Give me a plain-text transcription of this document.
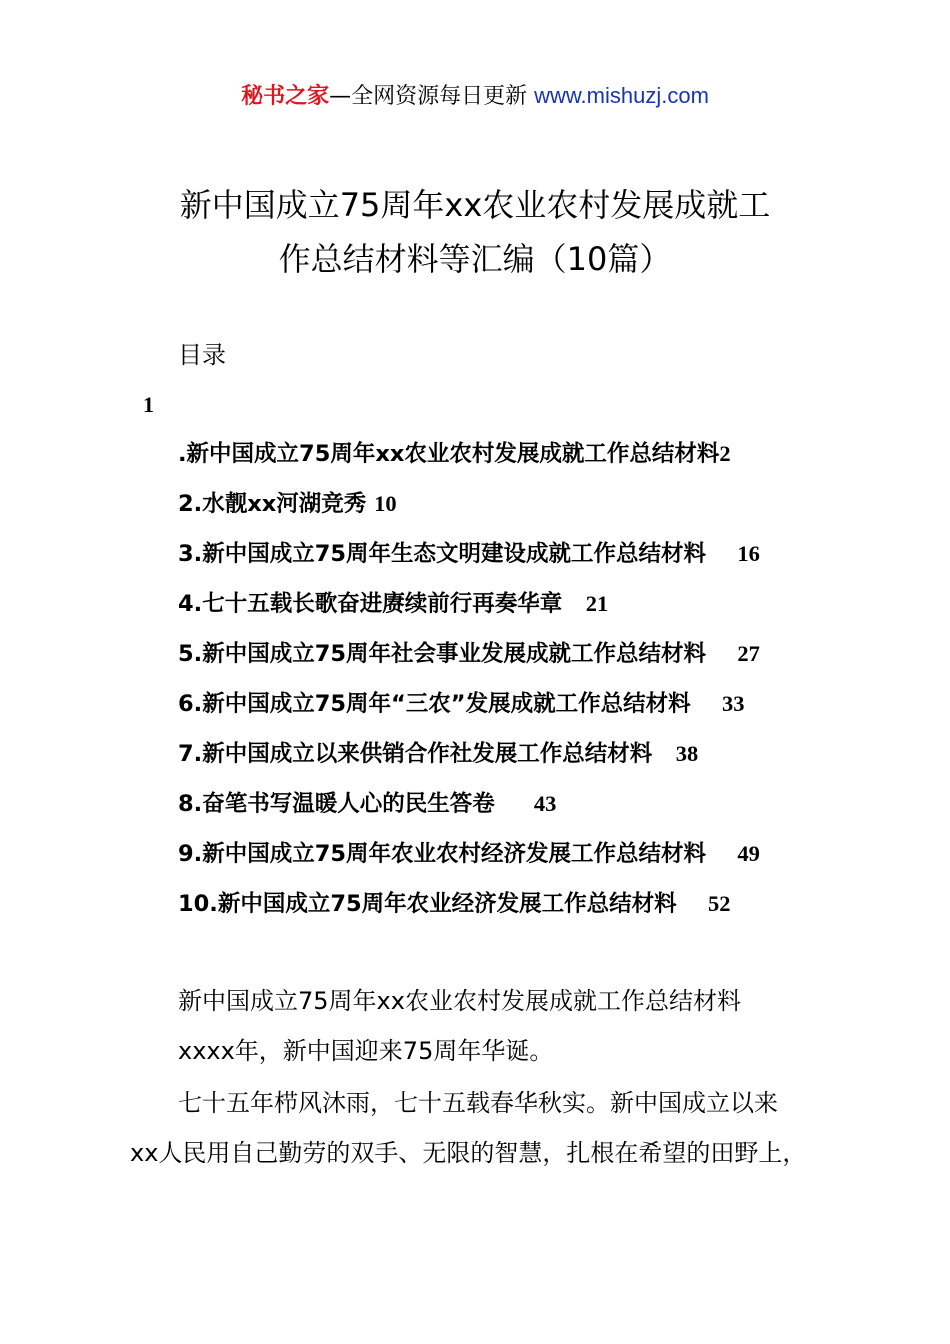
秘书之家—全网资源每日更新 www.mishuzj.com
新中国成立75周年xx农业农村发展成就工
作总结材料等汇编（10篇）
目录
1
.新中国成立75周年xx农业农村发展成就工作总结材料2
2.水靓xx河湖竞秀 10
3.新中国成立75周年生态文明建设成就工作总结材料 16
4.七十五载长歌奋进赓续前行再奏华章 21
5.新中国成立75周年社会事业发展成就工作总结材料 27
6.新中国成立75周年“三农”发展成就工作总结材料 33
7.新中国成立以来供销合作社发展工作总结材料 38
8.奋笔书写温暖人心的民生答卷 43
9.新中国成立75周年农业农村经济发展工作总结材料 49
10.新中国成立75周年农业经济发展工作总结材料 52
新中国成立75周年xx农业农村发展成就工作总结材料
xxxx年，新中国迎来75周年华诞。
七十五年栉风沐雨，七十五载春华秋实。新中国成立以来
xx人民用自己勤劳的双手、无限的智慧，扎根在希望的田野上，
